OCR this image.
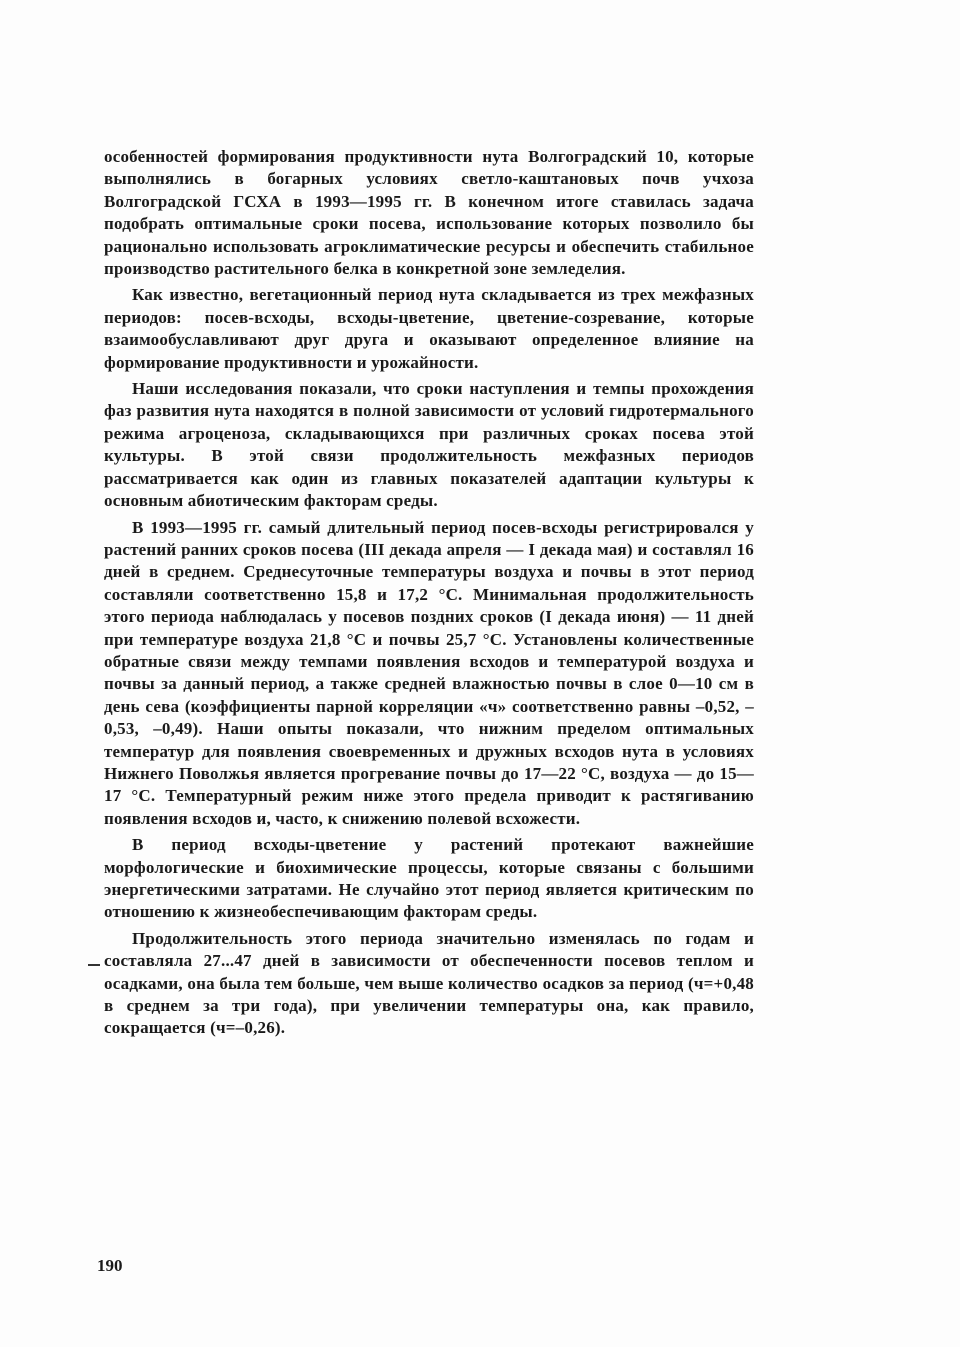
особенностей формирования продуктивности нута Волгоградский 10, которые выполнялись в богарных условиях светло-каштановых почв учхоза Волгоградской ГСХА в 1993—1995 гг. В конечном итоге ставилась задача подобрать оптимальные сроки посева, использование которых позволило бы рационально использовать агроклиматические ресурсы и обеспечить стабильное производство растительного белка в конкретной зоне земледелия.

Как известно, вегетационный период нута складывается из трех межфазных периодов: посев-всходы, всходы-цветение, цветение-созревание, которые взаимообуславливают друг друга и оказывают определенное влияние на формирование продуктивности и урожайности.

Наши исследования показали, что сроки наступления и темпы прохождения фаз развития нута находятся в полной зависимости от условий гидротермального режима агроценоза, складывающихся при различных сроках посева этой культуры. В этой связи продолжительность межфазных периодов рассматривается как один из главных показателей адаптации культуры к основным абиотическим факторам среды.

В 1993—1995 гг. самый длительный период посев-всходы регистрировался у растений ранних сроков посева (III декада апреля — I декада мая) и составлял 16 дней в среднем. Среднесуточные температуры воздуха и почвы в этот период составляли соответственно 15,8 и 17,2 °С. Минимальная продолжительность этого периода наблюдалась у посевов поздних сроков (I декада июня) — 11 дней при температуре воздуха 21,8 °С и почвы 25,7 °С. Установлены количественные обратные связи между темпами появления всходов и температурой воздуха и почвы за данный период, а также средней влажностью почвы в слое 0—10 см в день сева (коэффициенты парной корреляции «ч» соответственно равны –0,52, –0,53, –0,49). Наши опыты показали, что нижним пределом оптимальных температур для появления своевременных и дружных всходов нута в условиях Нижнего Поволжья является прогревание почвы до 17—22 °С, воздуха — до 15—17 °С. Температурный режим ниже этого предела приводит к растягиванию появления всходов и, часто, к снижению полевой всхожести.

В период всходы-цветение у растений протекают важнейшие морфологические и биохимические процессы, которые связаны с большими энергетическими затратами. Не случайно этот период является критическим по отношению к жизнеобеспечивающим факторам среды.

Продолжительность этого периода значительно изменялась по годам и составляла 27...47 дней в зависимости от обеспеченности посевов теплом и осадками, она была тем больше, чем выше количество осадков за период (ч=+0,48 в среднем за три года), при увеличении температуры она, как правило, сокращается (ч=–0,26).

190
